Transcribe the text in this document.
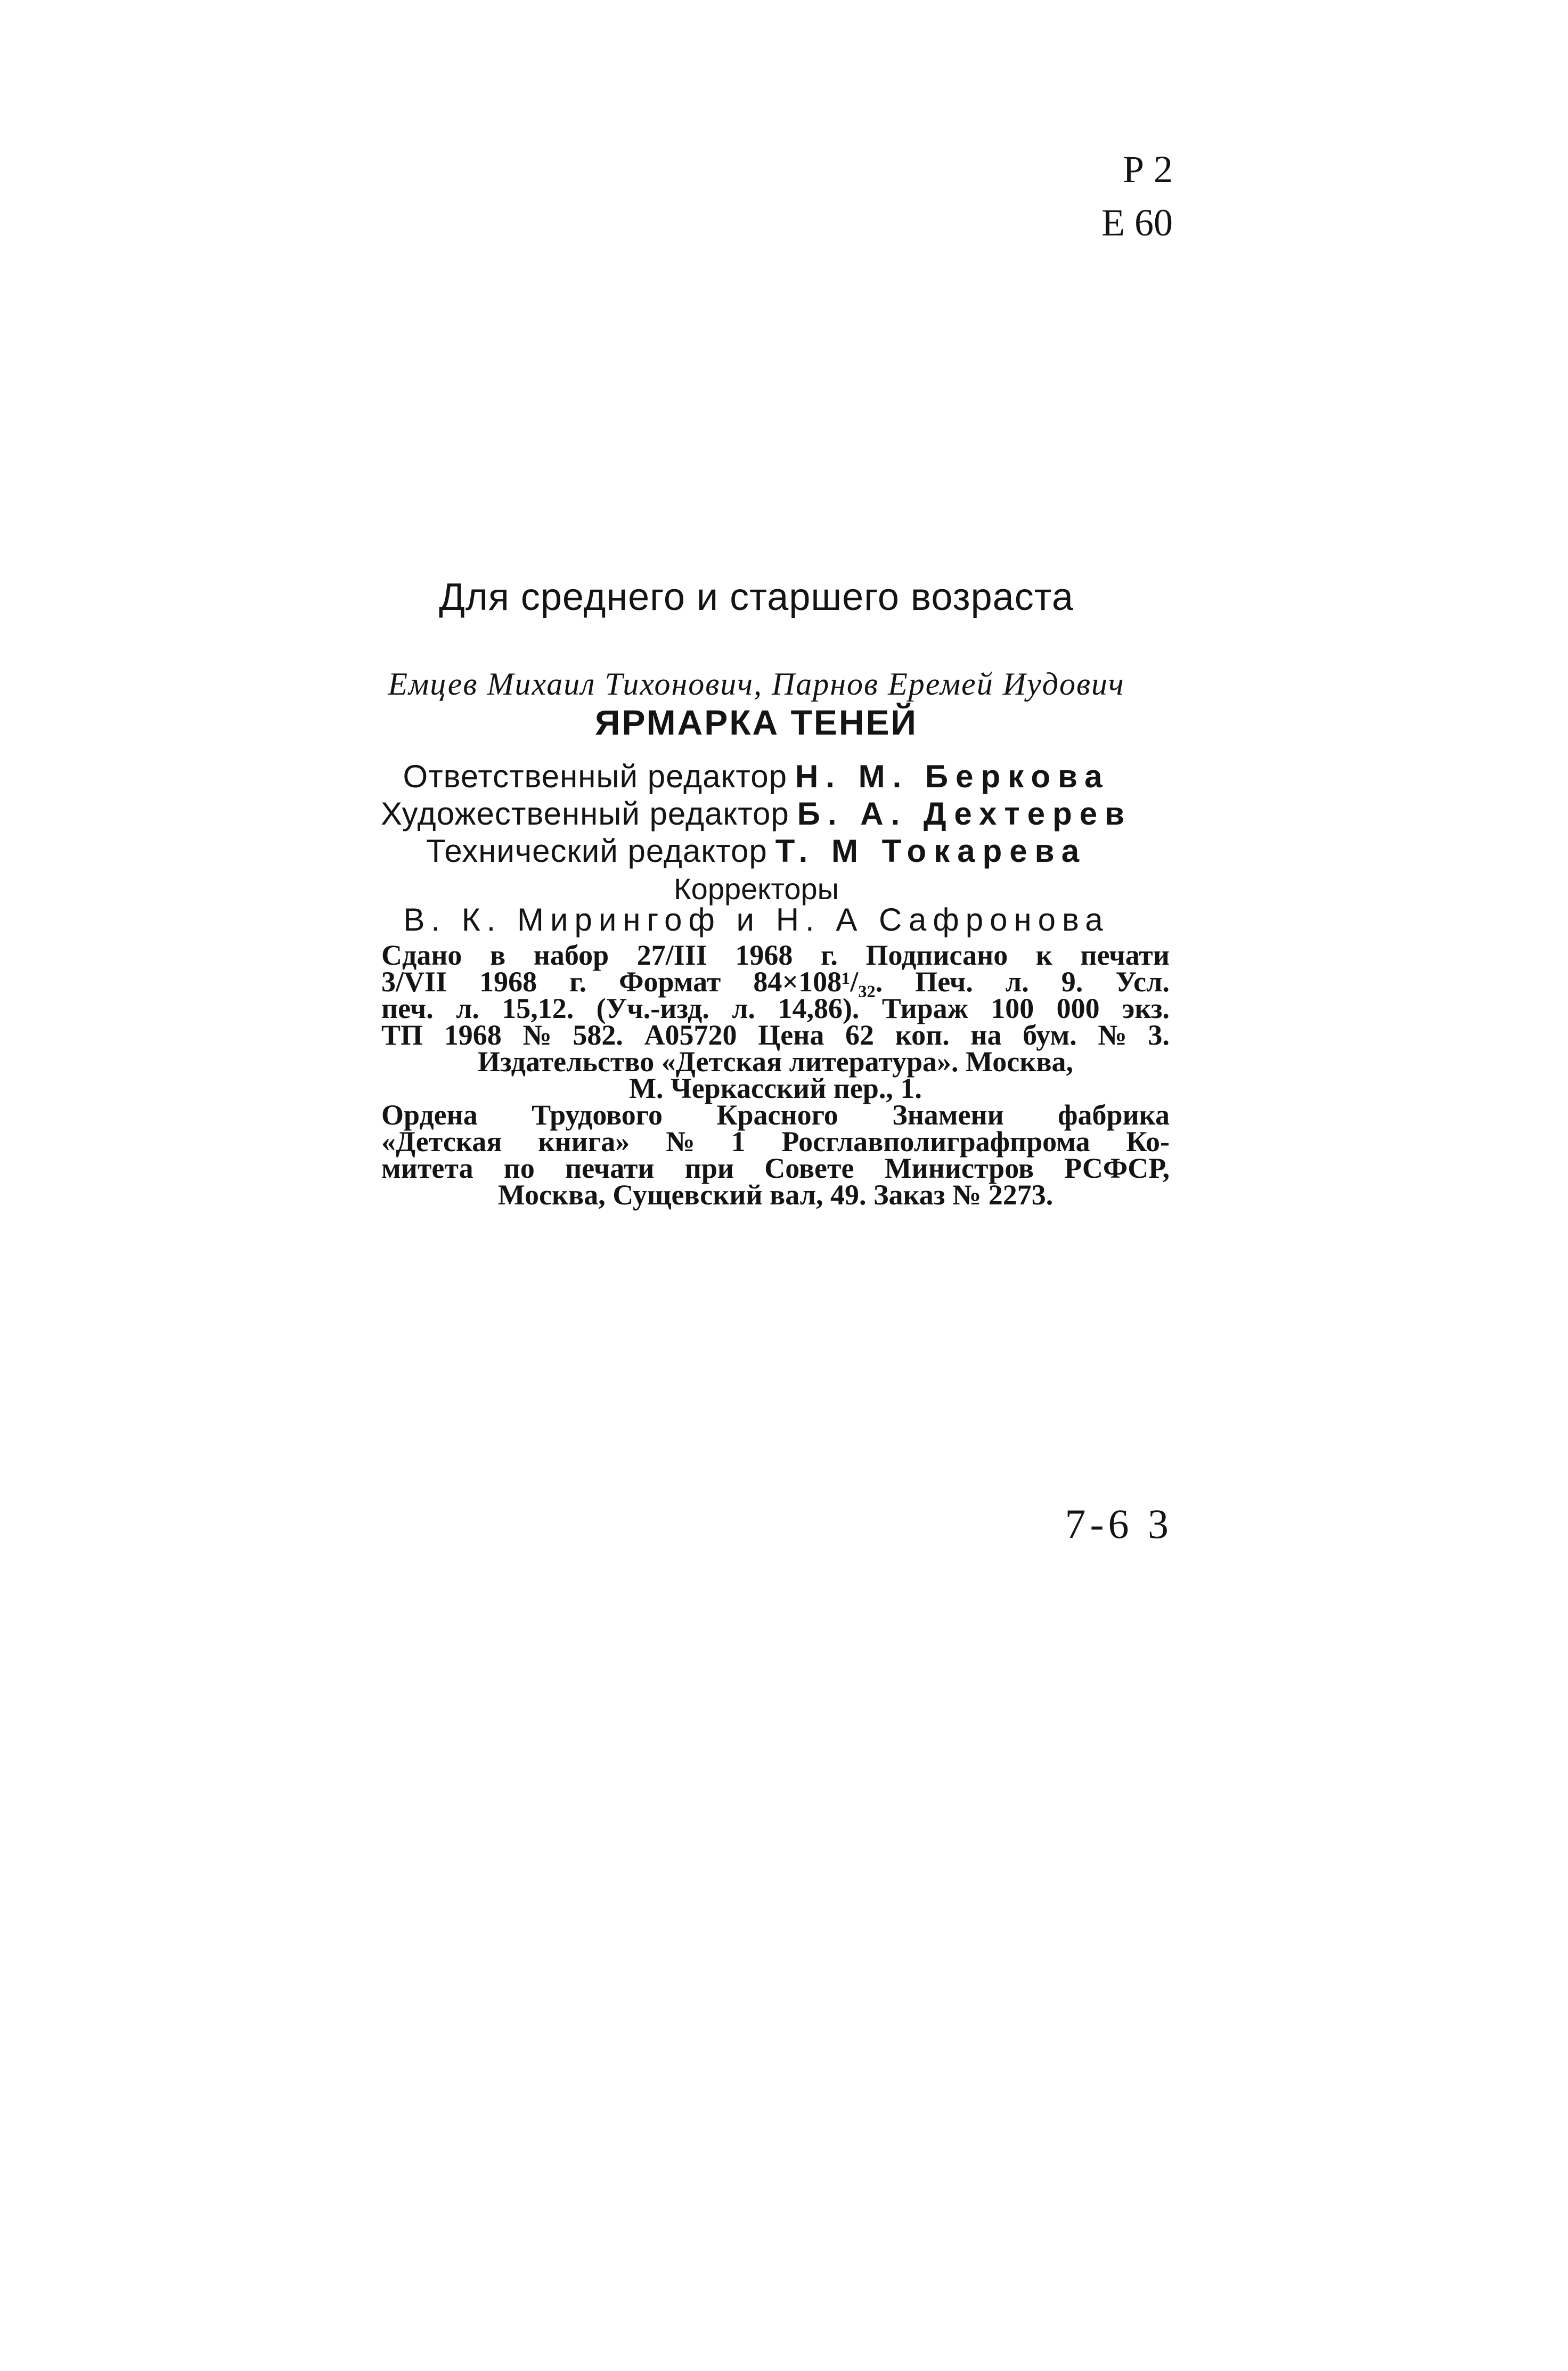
Р 2
Е 60
Для среднего и старшего возраста
Емцев Михаил Тихонович, Парнов Еремей Иудович
ЯРМАРКА ТЕНЕЙ
Ответственный редактор Н. М. Беркова
Художественный редактор Б. А. Дехтерев
Технический редактор Т. М Токарева
Корректоры
В. К. Мирингоф и Н. А Сафронова
Сдано в набор 27/III 1968 г. Подписано к печати
3/VII 1968 г. Формат 84×108¹/₃₂. Печ. л. 9. Усл.
печ. л. 15,12. (Уч.-изд. л. 14,86). Тираж 100 000 экз.
ТП 1968 № 582. А05720 Цена 62 коп. на бум. № 3.
Издательство «Детская литература». Москва,
М. Черкасский пер., 1.
Ордена Трудового Красного Знамени фабрика
«Детская книга» № 1 Росглавполиграфпрома Ко-
митета по печати при Совете Министров РСФСР,
Москва, Сущевский вал, 49. Заказ № 2273.
7-6 3
